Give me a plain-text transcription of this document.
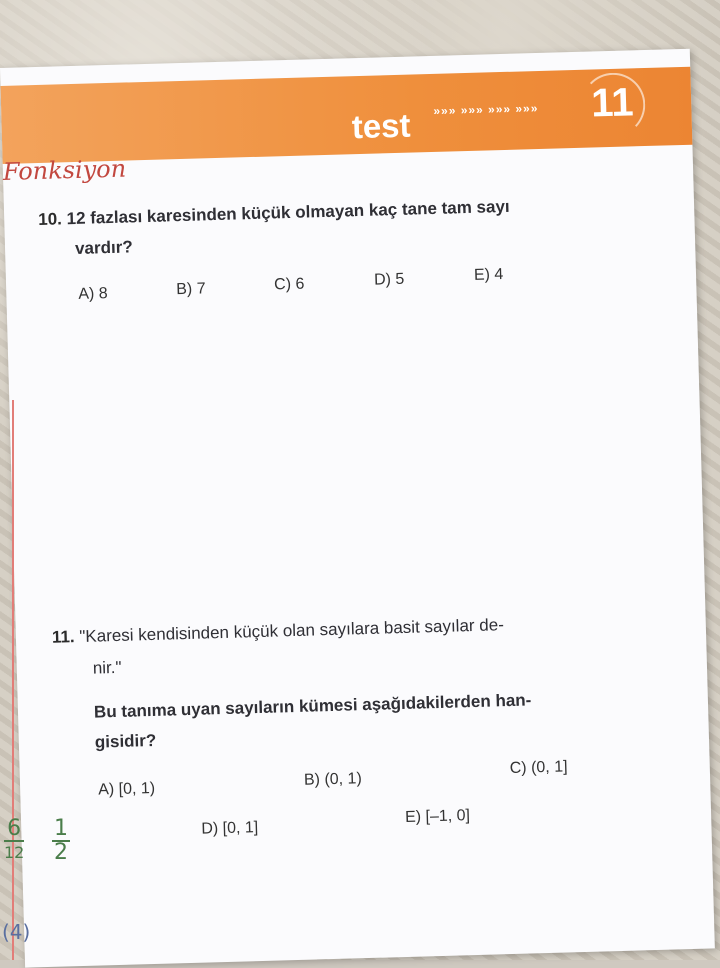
test »»» »»» »»» »»» 11
Fonksiyon
10. 12 fazlası karesinden küçük olmayan kaç tane tam sayı
vardır?
A) 8	B) 7	C) 6	D) 5	E) 4
11. "Karesi kendisinden küçük olan sayılara basit sayılar de-
nir."
Bu tanıma uyan sayıların kümesi aşağıdakilerden han-
gisidir?
A) [0, 1)
B) (0, 1)
C) (0, 1]
D) [0, 1]
E) [–1, 0]
6
12
1
2
(4)
